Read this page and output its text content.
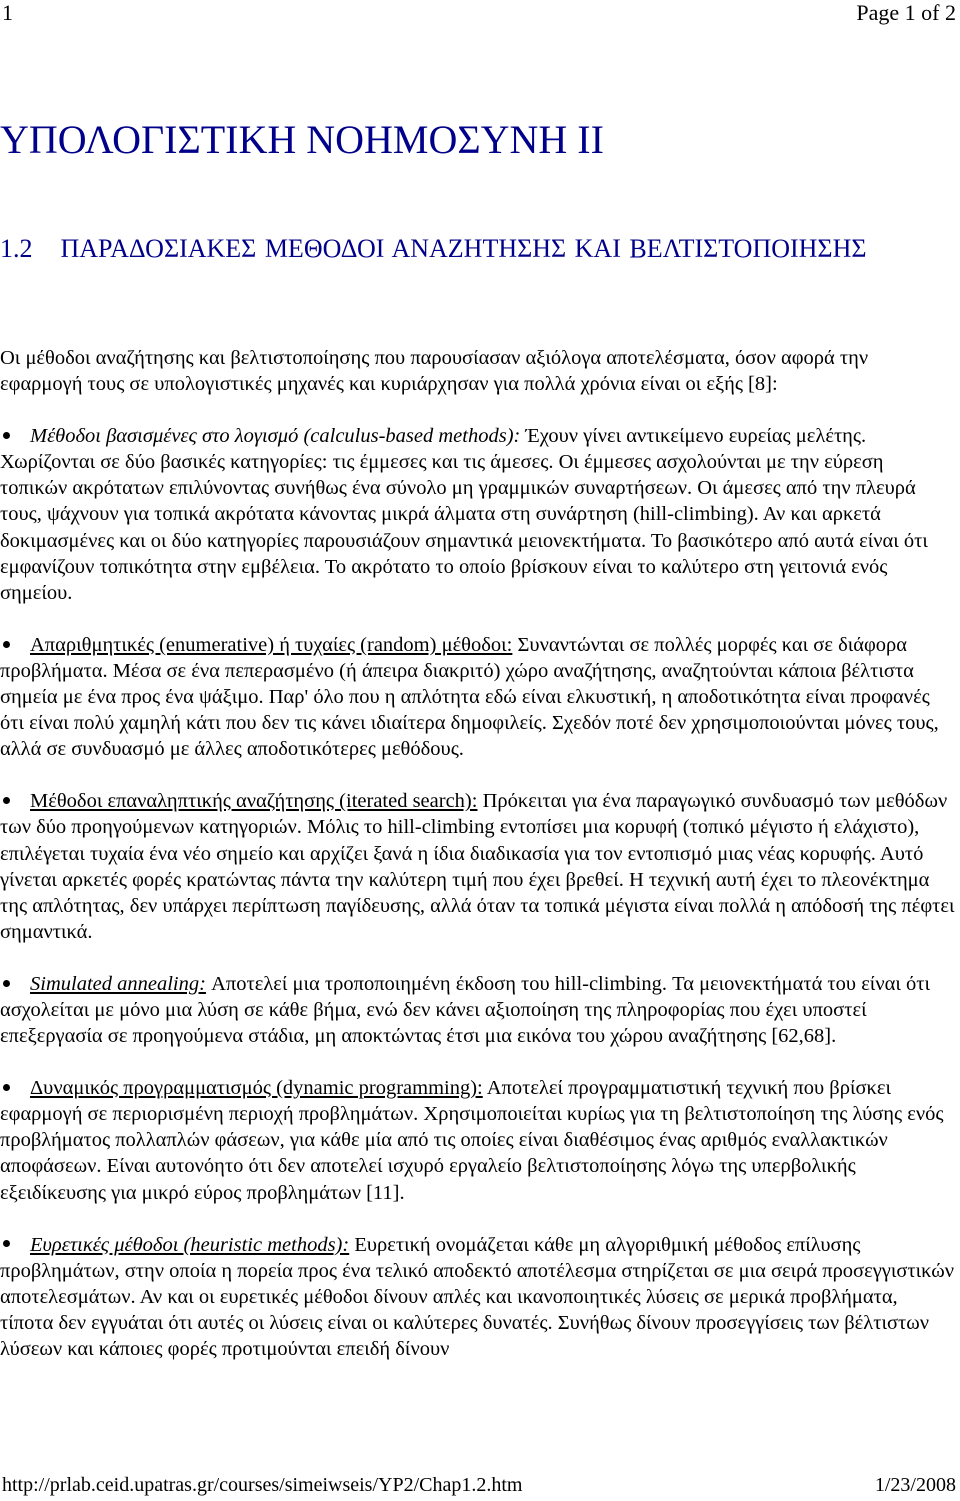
1	Page 1 of 2
ΥΠΟΛΟΓΙΣΤΙΚΗ ΝΟΗΜΟΣΥΝΗ ΙΙ
1.2 ΠΑΡΑΔΟΣΙΑΚΕΣ ΜΕΘΟΔΟΙ ΑΝΑΖΗΤΗΣΗΣ ΚΑΙ ΒΕΛΤΙΣΤΟΠΟΙΗΣΗΣ

Οι μέθοδοι αναζήτησης και βελτιστοποίησης που παρουσίασαν αξιόλογα αποτελέσματα, όσον αφορά την εφαρμογή τους σε υπολογιστικές μηχανές και κυριάρχησαν για πολλά χρόνια είναι οι εξής [8]:

Μέθοδοι βασισμένες στο λογισμό (calculus-based methods): Έχουν γίνει αντικείμενο ευρείας μελέτης. Χωρίζονται σε δύο βασικές κατηγορίες: τις έμμεσες και τις άμεσες. Οι έμμεσες ασχολούνται με την εύρεση τοπικών ακρότατων επιλύνοντας συνήθως ένα σύνολο μη γραμμικών συναρτήσεων. Οι άμεσες από την πλευρά τους, ψάχνουν για τοπικά ακρότατα κάνοντας μικρά άλματα στη συνάρτηση (hill-climbing). Αν και αρκετά δοκιμασμένες και οι δύο κατηγορίες παρουσιάζουν σημαντικά μειονεκτήματα. Το βασικότερο από αυτά είναι ότι εμφανίζουν τοπικότητα στην εμβέλεια. Το ακρότατο το οποίο βρίσκουν είναι το καλύτερο στη γειτονιά ενός σημείου.
Απαριθμητικές (enumerative) ή τυχαίες (random) μέθοδοι: Συναντώνται σε πολλές μορφές και σε διάφορα προβλήματα. Μέσα σε ένα πεπερασμένο (ή άπειρα διακριτό) χώρο αναζήτησης, αναζητούνται κάποια βέλτιστα σημεία με ένα προς ένα ψάξιμο. Παρ' όλο που η απλότητα εδώ είναι ελκυστική, η αποδοτικότητα είναι προφανές ότι είναι πολύ χαμηλή κάτι που δεν τις κάνει ιδιαίτερα δημοφιλείς. Σχεδόν ποτέ δεν χρησιμοποιούνται μόνες τους, αλλά σε συνδυασμό με άλλες αποδοτικότερες μεθόδους.
Μέθοδοι επαναληπτικής αναζήτησης (iterated search): Πρόκειται για ένα παραγωγικό συνδυασμό των μεθόδων των δύο προηγούμενων κατηγοριών. Μόλις το hill-climbing εντοπίσει μια κορυφή (τοπικό μέγιστο ή ελάχιστο), επιλέγεται τυχαία ένα νέο σημείο και αρχίζει ξανά η ίδια διαδικασία για τον εντοπισμό μιας νέας κορυφής. Αυτό γίνεται αρκετές φορές κρατώντας πάντα την καλύτερη τιμή που έχει βρεθεί. Η τεχνική αυτή έχει το πλεονέκτημα της απλότητας, δεν υπάρχει περίπτωση παγίδευσης, αλλά όταν τα τοπικά μέγιστα είναι πολλά η απόδοσή της πέφτει σημαντικά.
Simulated annealing: Αποτελεί μια τροποποιημένη έκδοση του hill-climbing. Τα μειονεκτήματά του είναι ότι ασχολείται με μόνο μια λύση σε κάθε βήμα, ενώ δεν κάνει αξιοποίηση της πληροφορίας που έχει υποστεί επεξεργασία σε προηγούμενα στάδια, μη αποκτώντας έτσι μια εικόνα του χώρου αναζήτησης [62,68].
Δυναμικός προγραμματισμός (dynamic programming): Αποτελεί προγραμματιστική τεχνική που βρίσκει εφαρμογή σε περιορισμένη περιοχή προβλημάτων. Χρησιμοποιείται κυρίως για τη βελτιστοποίηση της λύσης ενός προβλήματος πολλαπλών φάσεων, για κάθε μία από τις οποίες είναι διαθέσιμος ένας αριθμός εναλλακτικών αποφάσεων. Είναι αυτονόητο ότι δεν αποτελεί ισχυρό εργαλείο βελτιστοποίησης λόγω της υπερβολικής εξειδίκευσης για μικρό εύρος προβλημάτων [11].
Ευρετικές μέθοδοι (heuristic methods): Ευρετική ονομάζεται κάθε μη αλγοριθμική μέθοδος επίλυσης προβλημάτων, στην οποία η πορεία προς ένα τελικό αποδεκτό αποτέλεσμα στηρίζεται σε μια σειρά προσεγγιστικών αποτελεσμάτων. Αν και οι ευρετικές μέθοδοι δίνουν απλές και ικανοποιητικές λύσεις σε μερικά προβλήματα, τίποτα δεν εγγυάται ότι αυτές οι λύσεις είναι οι καλύτερες δυνατές. Συνήθως δίνουν προσεγγίσεις των βέλτιστων λύσεων και κάποιες φορές προτιμούνται επειδή δίνουν
http://prlab.ceid.upatras.gr/courses/simeiwseis/YP2/Chap1.2.htm	1/23/2008
